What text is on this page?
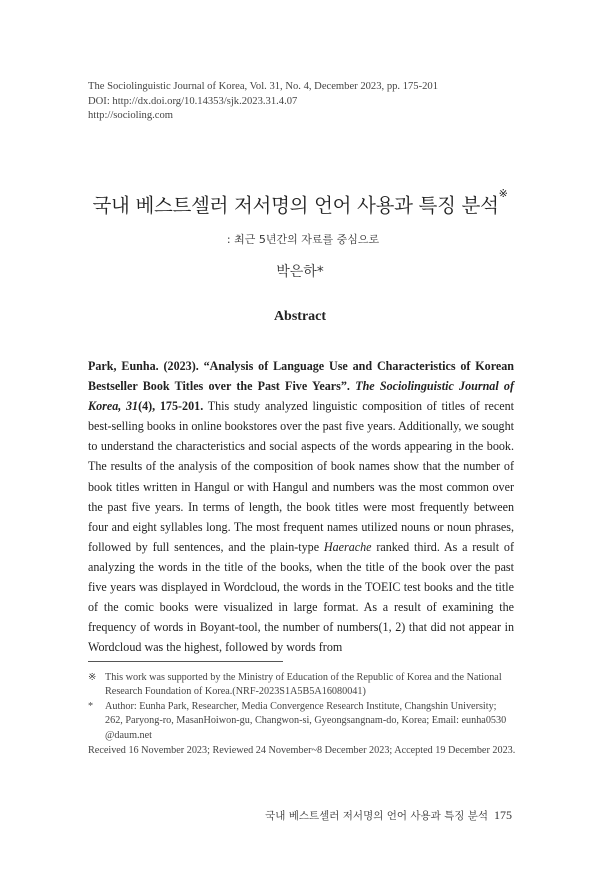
The Sociolinguistic Journal of Korea, Vol. 31, No. 4, December 2023, pp. 175-201
DOI: http://dx.doi.org/10.14353/sjk.2023.31.4.07
http://socioling.com
국내 베스트셀러 저서명의 언어 사용과 특징 분석※
: 최근 5년간의 자료를 중심으로
박은하*
Abstract
Park, Eunha. (2023). “Analysis of Language Use and Characteristics of Korean Bestseller Book Titles over the Past Five Years”. The Sociolinguistic Journal of Korea, 31(4), 175-201. This study analyzed linguistic composition of titles of recent best-selling books in online bookstores over the past five years. Additionally, we sought to understand the characteristics and social aspects of the words appearing in the book. The results of the analysis of the composition of book names show that the number of book titles written in Hangul or with Hangul and numbers was the most common over the past five years. In terms of length, the book titles were most frequently between four and eight syllables long. The most frequent names utilized nouns or noun phrases, followed by full sentences, and the plain-type Haerache ranked third. As a result of analyzing the words in the title of the books, when the title of the book over the past five years was displayed in Wordcloud, the words in the TOEIC test books and the title of the comic books were visualized in large format. As a result of examining the frequency of words in Boyant-tool, the number of numbers(1, 2) that did not appear in Wordcloud was the highest, followed by words from
※ This work was supported by the Ministry of Education of the Republic of Korea and the National Research Foundation of Korea.(NRF-2023S1A5B5A16080041)
*	Author: Eunha Park, Researcher, Media Convergence Research Institute, Changshin University; 262, Paryong-ro, MasanHoiwon-gu, Changwon-si, Gyeongsangnam-do, Korea; Email: eunha0530 @daum.net
Received 16 November 2023; Reviewed 24 November~8 December 2023; Accepted 19 December 2023.
국내 베스트셀러 저서명의 언어 사용과 특징 분석 175
